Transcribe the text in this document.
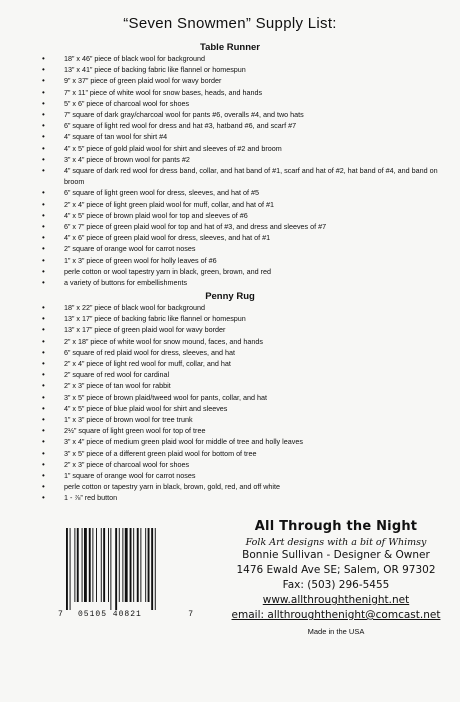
“Seven Snowmen” Supply List:
Table Runner
• 18” x 46” piece of black wool for background
• 13” x 41” piece of backing fabric like flannel or homespun
• 9” x 37” piece of green plaid wool for wavy border
• 7” x 11” piece of white wool for snow bases, heads, and hands
• 5” x 6” piece of charcoal wool for shoes
• 7” square of dark gray/charcoal wool for pants #6, overalls #4, and two hats
• 6” square of light red wool for dress and hat #3, hatband #6, and scarf #7
• 4” square of tan wool for shirt #4
• 4” x 5” piece of gold plaid wool for shirt and sleeves of #2 and broom
• 3” x 4” piece of brown wool for pants #2
• 4” square of dark red wool for dress band, collar, and hat band of #1, scarf and hat of #2, hat band of #4, and band on broom
• 6” square of light green wool for dress, sleeves, and hat of #5
• 2” x 4” piece of light green plaid wool for muff, collar, and hat of #1
• 4” x 5” piece of brown plaid wool for top and sleeves of #6
• 6” x 7” piece of green plaid wool for top and hat of #3, and dress and sleeves of #7
• 4” x 6” piece of green plaid wool for dress, sleeves, and hat of #1
• 2” square of orange wool for carrot noses
• 1” x 3” piece of green wool for holly leaves of #6
• perle cotton or wool tapestry yarn in black, green, brown, and red
• a variety of buttons for embellishments
Penny Rug
• 18” x 22” piece of black wool for background
• 13” x 17” piece of backing fabric like flannel or homespun
• 13” x 17” piece of green plaid wool for wavy border
• 2” x 18” piece of white wool for snow mound, faces, and hands
• 6” square of red plaid wool for dress, sleeves, and hat
• 2” x 4” piece of light red wool for muff, collar, and hat
• 2” square of red wool for cardinal
• 2” x 3” piece of tan wool for rabbit
• 3” x 5” piece of brown plaid/tweed wool for pants, collar, and hat
• 4” x 5” piece of blue plaid wool for shirt and sleeves
• 1” x 3” piece of brown wool for tree trunk
• 2½” square of light green wool for top of tree
• 3” x 4” piece of medium green plaid wool for middle of tree and holly leaves
• 3” x 5” piece of a different green plaid wool for bottom of tree
• 2” x 3” piece of charcoal wool for shoes
• 1” square of orange wool for carrot noses
• perle cotton or tapestry yarn in black, brown, gold, red, and off white
• 1 - ⅞” red button
7 05105 40821	7
All Through the Night
Folk Art designs with a bit of Whimsy
Bonnie Sullivan - Designer & Owner
1476 Ewald Ave SE; Salem, OR 97302
Fax: (503) 296-5455
www.allthroughthenight.net
email: allthroughthenight@comcast.net
Made in the USA
